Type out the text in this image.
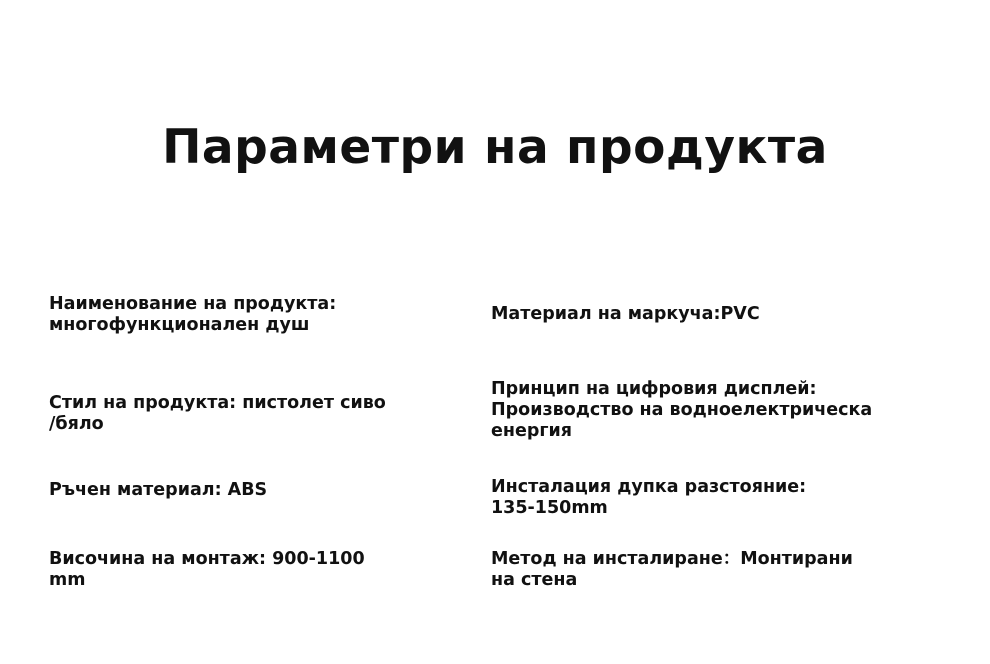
Параметри на продукта
Наименование на продукта:
многофункционален душ
Стил на продукта: пистолет сиво
/бяло
Ръчен материал: ABS
Височина на монтаж: 900-1100
mm
Материал на маркуча:PVC
Принцип на цифровия дисплей:
Производство на водноелектрическа
енергия
Инсталация дупка разстояние:
135-150mm
Метод на инсталиране：Монтирани
на стена
